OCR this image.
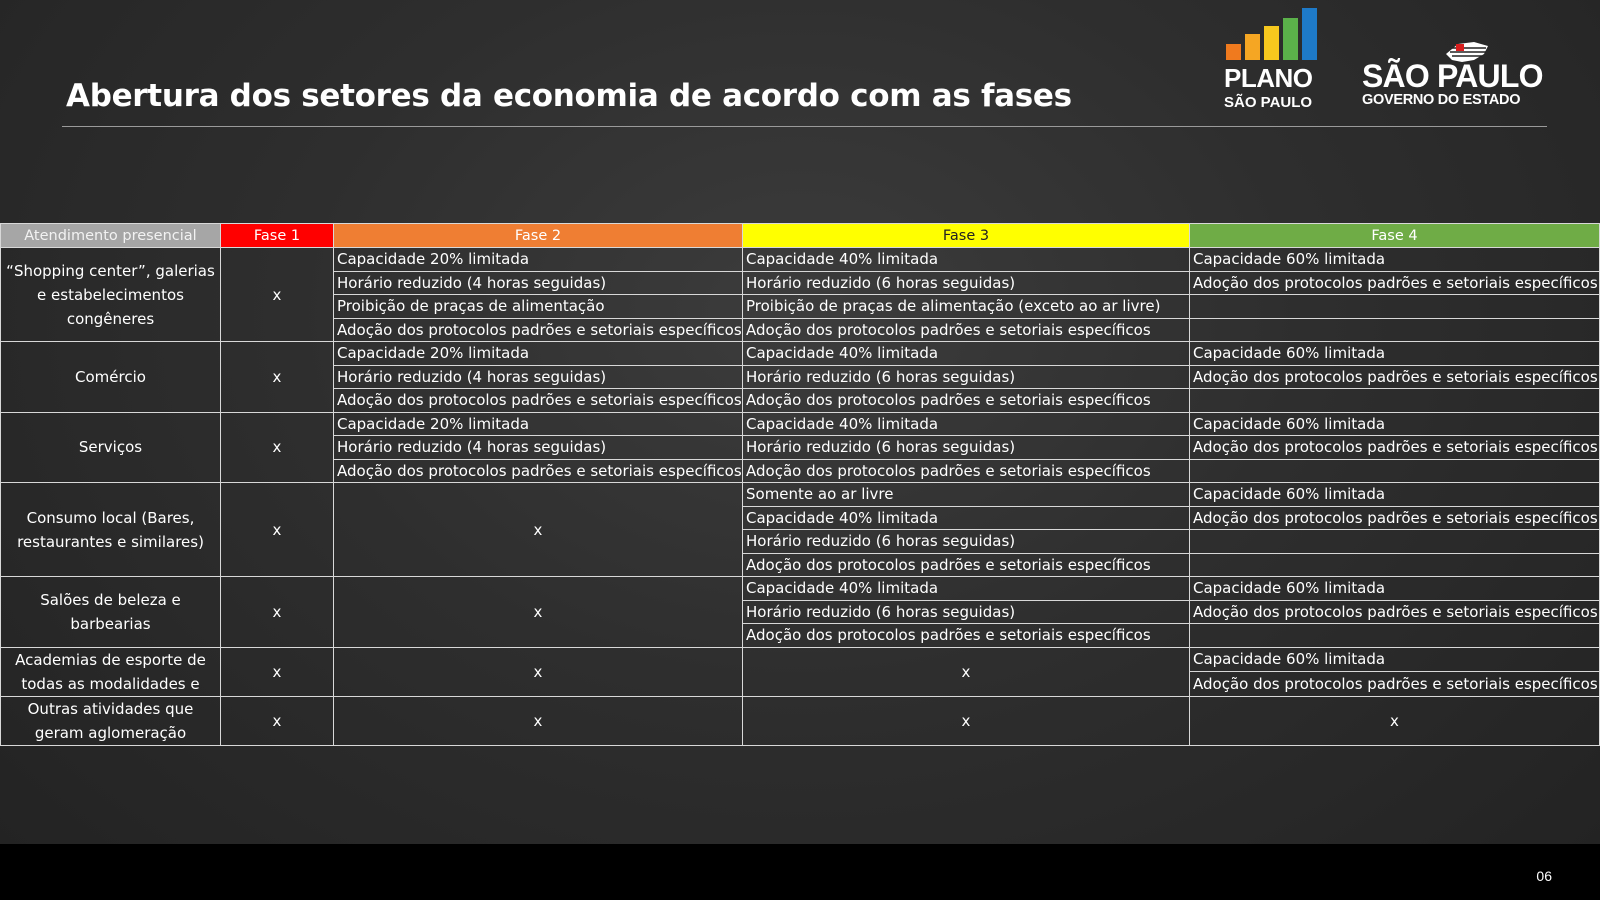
Abertura dos setores da economia de acordo com as fases	PLANO
SÃO PAULO
SÃO PAULO
GOVERNO DO ESTADO
Atendimento presencial	Fase 1	Fase 2	Fase 3	Fase 4
“Shopping center”, galerias e estabelecimentos congêneres	x	Capacidade 20% limitada	Capacidade 40% limitada	Capacidade 60% limitada
		Horário reduzido (4 horas seguidas)	Horário reduzido (6 horas seguidas)	Adoção dos protocolos padrões e setoriais específicos
		Proibição de praças de alimentação	Proibição de praças de alimentação (exceto ao ar livre)	
		Adoção dos protocolos padrões e setoriais específicos	Adoção dos protocolos padrões e setoriais específicos	
Comércio	x	Capacidade 20% limitada	Capacidade 40% limitada	Capacidade 60% limitada
		Horário reduzido (4 horas seguidas)	Horário reduzido (6 horas seguidas)	Adoção dos protocolos padrões e setoriais específicos
		Adoção dos protocolos padrões e setoriais específicos	Adoção dos protocolos padrões e setoriais específicos	
Serviços	x	Capacidade 20% limitada	Capacidade 40% limitada	Capacidade 60% limitada
		Horário reduzido (4 horas seguidas)	Horário reduzido (6 horas seguidas)	Adoção dos protocolos padrões e setoriais específicos
		Adoção dos protocolos padrões e setoriais específicos	Adoção dos protocolos padrões e setoriais específicos	
Consumo local (Bares, restaurantes e similares)	x	x	Somente ao ar livre	Capacidade 60% limitada
			Capacidade 40% limitada	Adoção dos protocolos padrões e setoriais específicos
			Horário reduzido (6 horas seguidas)	
			Adoção dos protocolos padrões e setoriais específicos	
Salões de beleza e barbearias	x	x	Capacidade 40% limitada	Capacidade 60% limitada
			Horário reduzido (6 horas seguidas)	Adoção dos protocolos padrões e setoriais específicos
			Adoção dos protocolos padrões e setoriais específicos	
Academias de esporte de todas as modalidades e	x	x	x	Capacidade 60% limitada
				Adoção dos protocolos padrões e setoriais específicos
Outras atividades que geram aglomeração	x	x	x	x

06
